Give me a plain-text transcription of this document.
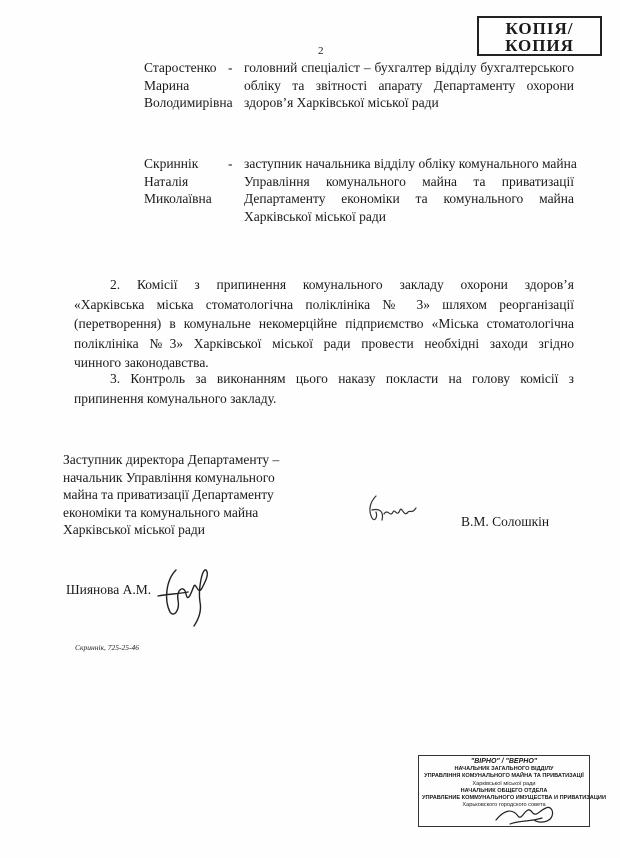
КОПІЯ/
КОПИЯ
2
Старостенко
Марина
Володимирівна
- головний спеціаліст – бухгалтер відділу бухгалтерського
обліку та звітності апарату Департаменту охорони
здоров’я Харківської міської ради
Скриннік
Наталія
Миколаївна
- заступник начальника відділу обліку комунального майна
Управління комунального майна та приватизації
Департаменту економіки та комунального майна
Харківської міської ради
2. Комісії з припинення комунального закладу охорони здоров’я
«Харківська міська стоматологічна поліклініка № 3» шляхом реорганізації
(перетворення) в комунальне некомерційне підприємство «Міська стоматологічна
поліклініка №3» Харківської міської ради провести необхідні заходи згідно
чинного законодавства.
3. Контроль за виконанням цього наказу покласти на голову комісії з
припинення комунального закладу.
Заступник директора Департаменту –
начальник Управління комунального
майна та приватизації Департаменту
економіки та комунального майна
Харківської міської ради
В.М. Солошкін
Шиянова А.М.
Скриннік, 725-25-46
"ВІРНО" / "ВЕРНО"
НАЧАЛЬНИК ЗАГАЛЬНОГО ВІДДІЛУ
УПРАВЛІННЯ КОМУНАЛЬНОГО МАЙНА ТА ПРИВАТИЗАЦІЇ
Харківської міської ради
НАЧАЛЬНИК ОБЩЕГО ОТДЕЛА
УПРАВЛЕНИЕ КОММУНАЛЬНОГО ИМУЩЕСТВА И ПРИВАТИЗАЦИИ
Харьковского городского совета
